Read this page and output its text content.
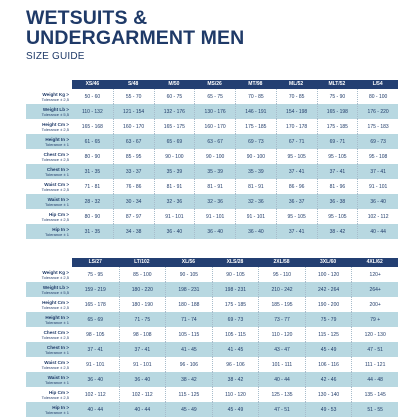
WETSUITS &
UNDERGARMENT MEN
SIZE GUIDE
	XS/46	S/48	M/50	MS/26	MT/98	ML/52	MLT/52	L/54

Weight Kg >
Tolerance ± 2,5	50 - 60	55 - 70	60 - 75	65 - 75	70 - 85	70 - 85	75 - 90	80 - 100

Weight Lb >
Tolerance ± 5,5	110 - 132	121 - 154	132 - 176	130 - 176	146 - 191	154 - 198	165 - 198	176 - 220

Height Cm >
Tolerance ± 2,5	165 - 168	160 - 170	165 - 175	160 - 170	175 - 185	170 - 178	175 - 185	175 - 183

Height In >
Tolerance ± 1	61 - 65	63 - 67	65 - 69	63 - 67	69 - 73	67 - 71	69 - 71	69 - 73

Chest Cm >
Tolerance ± 2,5	80 - 90	85 - 95	90 - 100	90 - 100	90 - 100	95 - 105	95 - 105	95 - 108

Chest In >
Tolerance ± 1	31 - 35	33 - 37	35 - 39	35 - 39	35 - 39	37 - 41	37 - 41	37 - 41

Waist Cm >
Tolerance ± 2,5	71 - 81	76 - 86	81 - 91	81 - 91	81 - 91	86 - 96	81 - 96	91 - 101

Waist In >
Tolerance ± 1	28 - 32	30 - 34	32 - 36	32 - 36	32 - 36	36 - 37	36 - 38	36 - 40

Hip Cm >
Tolerance ± 2,5	80 - 90	87 - 97	91 - 101	91 - 101	91 - 101	95 - 105	95 - 105	102 - 112

Hip In >
Tolerance ± 1	31 - 35	34 - 38	36 - 40	36 - 40	36 - 40	37 - 41	38 - 42	40 - 44
	LS/27	LT/102	XL/56	XLS/28	2XL/58	3XL/60	4XL/62

Weight Kg >
Tolerance ± 2,5	75 - 95	85 - 100	90 - 105	90 - 105	95 - 110	100 - 120	120+

Weight Lb >
Tolerance ± 5,5	159 - 219	180 - 220	198 - 231	198 - 231	210 - 242	242 - 264	264+

Height Cm >
Tolerance ± 2,5	165 - 178	180 - 190	180 - 188	175 - 185	185 - 195	190 - 200	200+

Height In >
Tolerance ± 1	65 - 69	71 - 75	71 - 74	69 - 73	73 - 77	75 - 79	79 +

Chest Cm >
Tolerance ± 2,5	98 - 105	98 - 108	105 - 115	105 - 115	110 - 120	115 - 125	120 - 130

Chest In >
Tolerance ± 1	37 - 41	37 - 41	41 - 45	41 - 45	43 - 47	45 - 49	47 - 51

Waist Cm >
Tolerance ± 2,5	91 - 101	91 - 101	96 - 106	96 - 106	101 - 111	106 - 116	111 - 121

Waist In >
Tolerance ± 1	36 - 40	36 - 40	38 - 42	38 - 42	40 - 44	42 - 46	44 - 48

Hip Cm >
Tolerance ± 2,5	102 - 112	102 - 112	115 - 125	110 - 120	125 - 135	130 - 140	135 - 145

Hip In >
Tolerance ± 1	40 - 44	40 - 44	45 - 49	45 - 49	47 - 51	49 - 53	51 - 55
